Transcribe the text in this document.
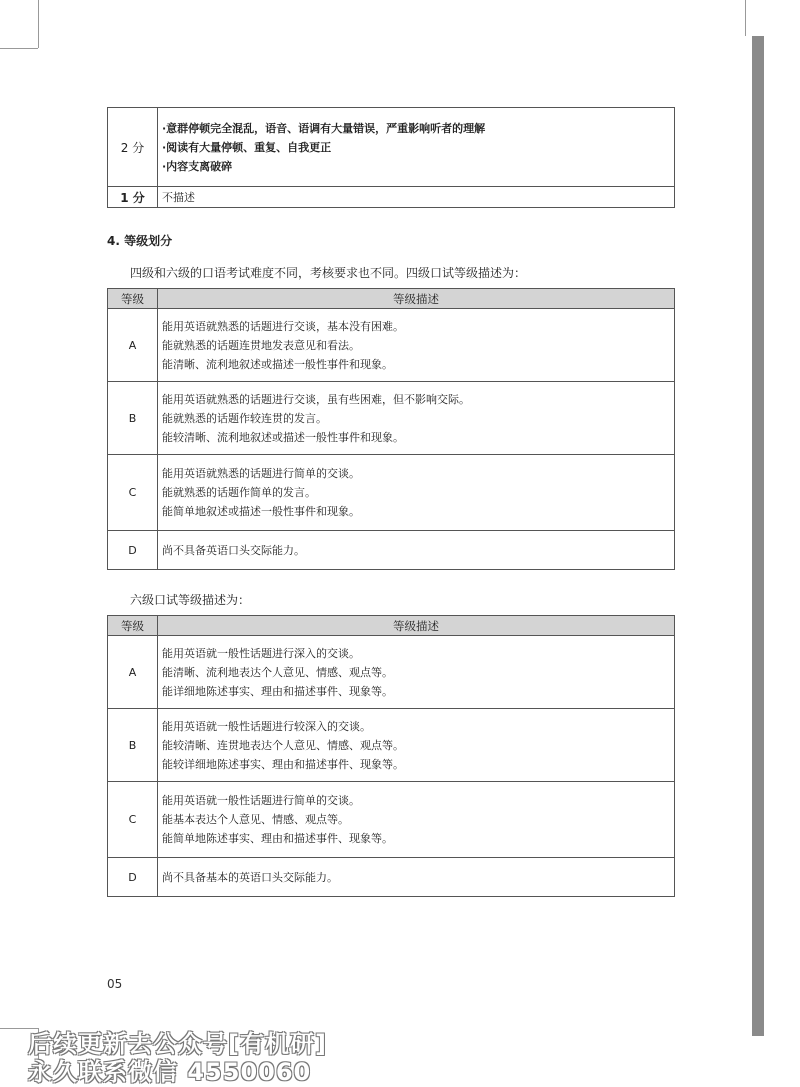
2 分	·意群停顿完全混乱，语音、语调有大量错误，严重影响听者的理解
·阅读有大量停顿、重复、自我更正
·内容支离破碎

1 分	不描述
4. 等级划分
四级和六级的口语考试难度不同，考核要求也不同。四级口试等级描述为：
等级	等级描述
A	能用英语就熟悉的话题进行交谈，基本没有困难。
能就熟悉的话题连贯地发表意见和看法。
能清晰、流利地叙述或描述一般性事件和现象。

B	能用英语就熟悉的话题进行交谈，虽有些困难，但不影响交际。
能就熟悉的话题作较连贯的发言。
能较清晰、流利地叙述或描述一般性事件和现象。

C	能用英语就熟悉的话题进行简单的交谈。
能就熟悉的话题作简单的发言。
能简单地叙述或描述一般性事件和现象。

D	尚不具备英语口头交际能力。
六级口试等级描述为：
等级	等级描述
A	能用英语就一般性话题进行深入的交谈。
能清晰、流利地表达个人意见、情感、观点等。
能详细地陈述事实、理由和描述事件、现象等。

B	能用英语就一般性话题进行较深入的交谈。
能较清晰、连贯地表达个人意见、情感、观点等。
能较详细地陈述事实、理由和描述事件、现象等。

C	能用英语就一般性话题进行简单的交谈。
能基本表达个人意见、情感、观点等。
能简单地陈述事实、理由和描述事件、现象等。

D	尚不具备基本的英语口头交际能力。
05
后续更新去公众号[有机研]
永久联系微信 4550060
